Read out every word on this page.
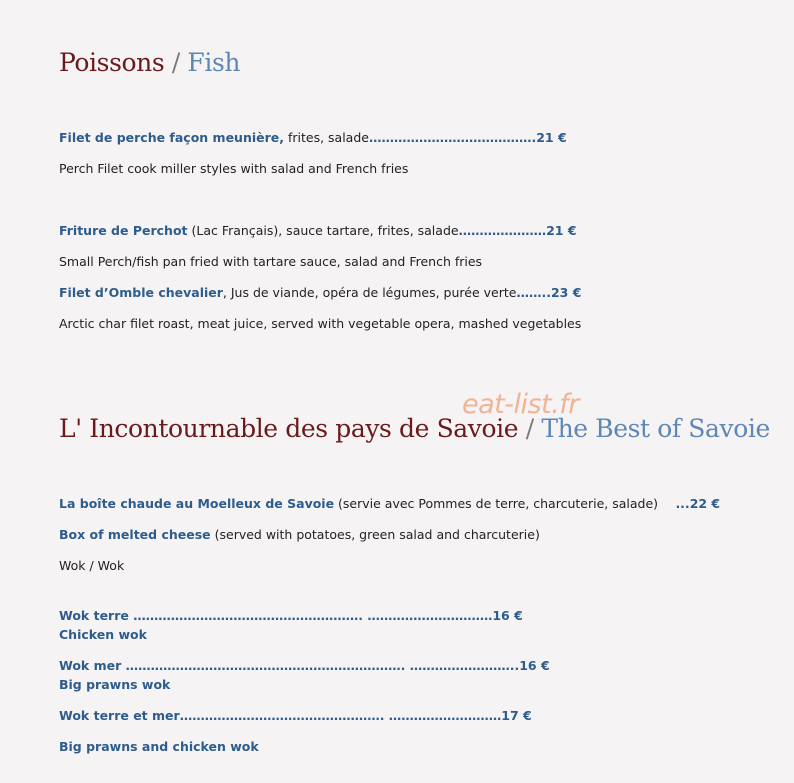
Poissons / Fish

Filet de perche façon meunière, frites, salade………………………………….21 €

Perch Filet cook miller styles with salad and French fries

Friture de Perchot (Lac Français), sauce tartare, frites, salade…………………21 €

Small Perch/fish pan fried with tartare sauce, salad and French fries

Filet d’Omble chevalier, Jus de viande, opéra de légumes, purée verte……..23 €

Arctic char filet roast, meat juice, served with vegetable opera, mashed vegetables

eat-list.fr
L' Incontournable des pays de Savoie / The Best of Savoie

La boîte chaude au Moelleux de Savoie (servie avec Pommes de terre, charcuterie, salade)    ...22 €

Box of melted cheese (served with potatoes, green salad and charcuterie)

Wok / Wok

Wok terre ………………………………………………. …………………………16 €

Chicken wok

Wok mer …………………………………………………………. ……………………..16 €

Big prawns wok

Wok terre et mer…………………………………………. ………………………17 €

Big prawns and chicken wok
